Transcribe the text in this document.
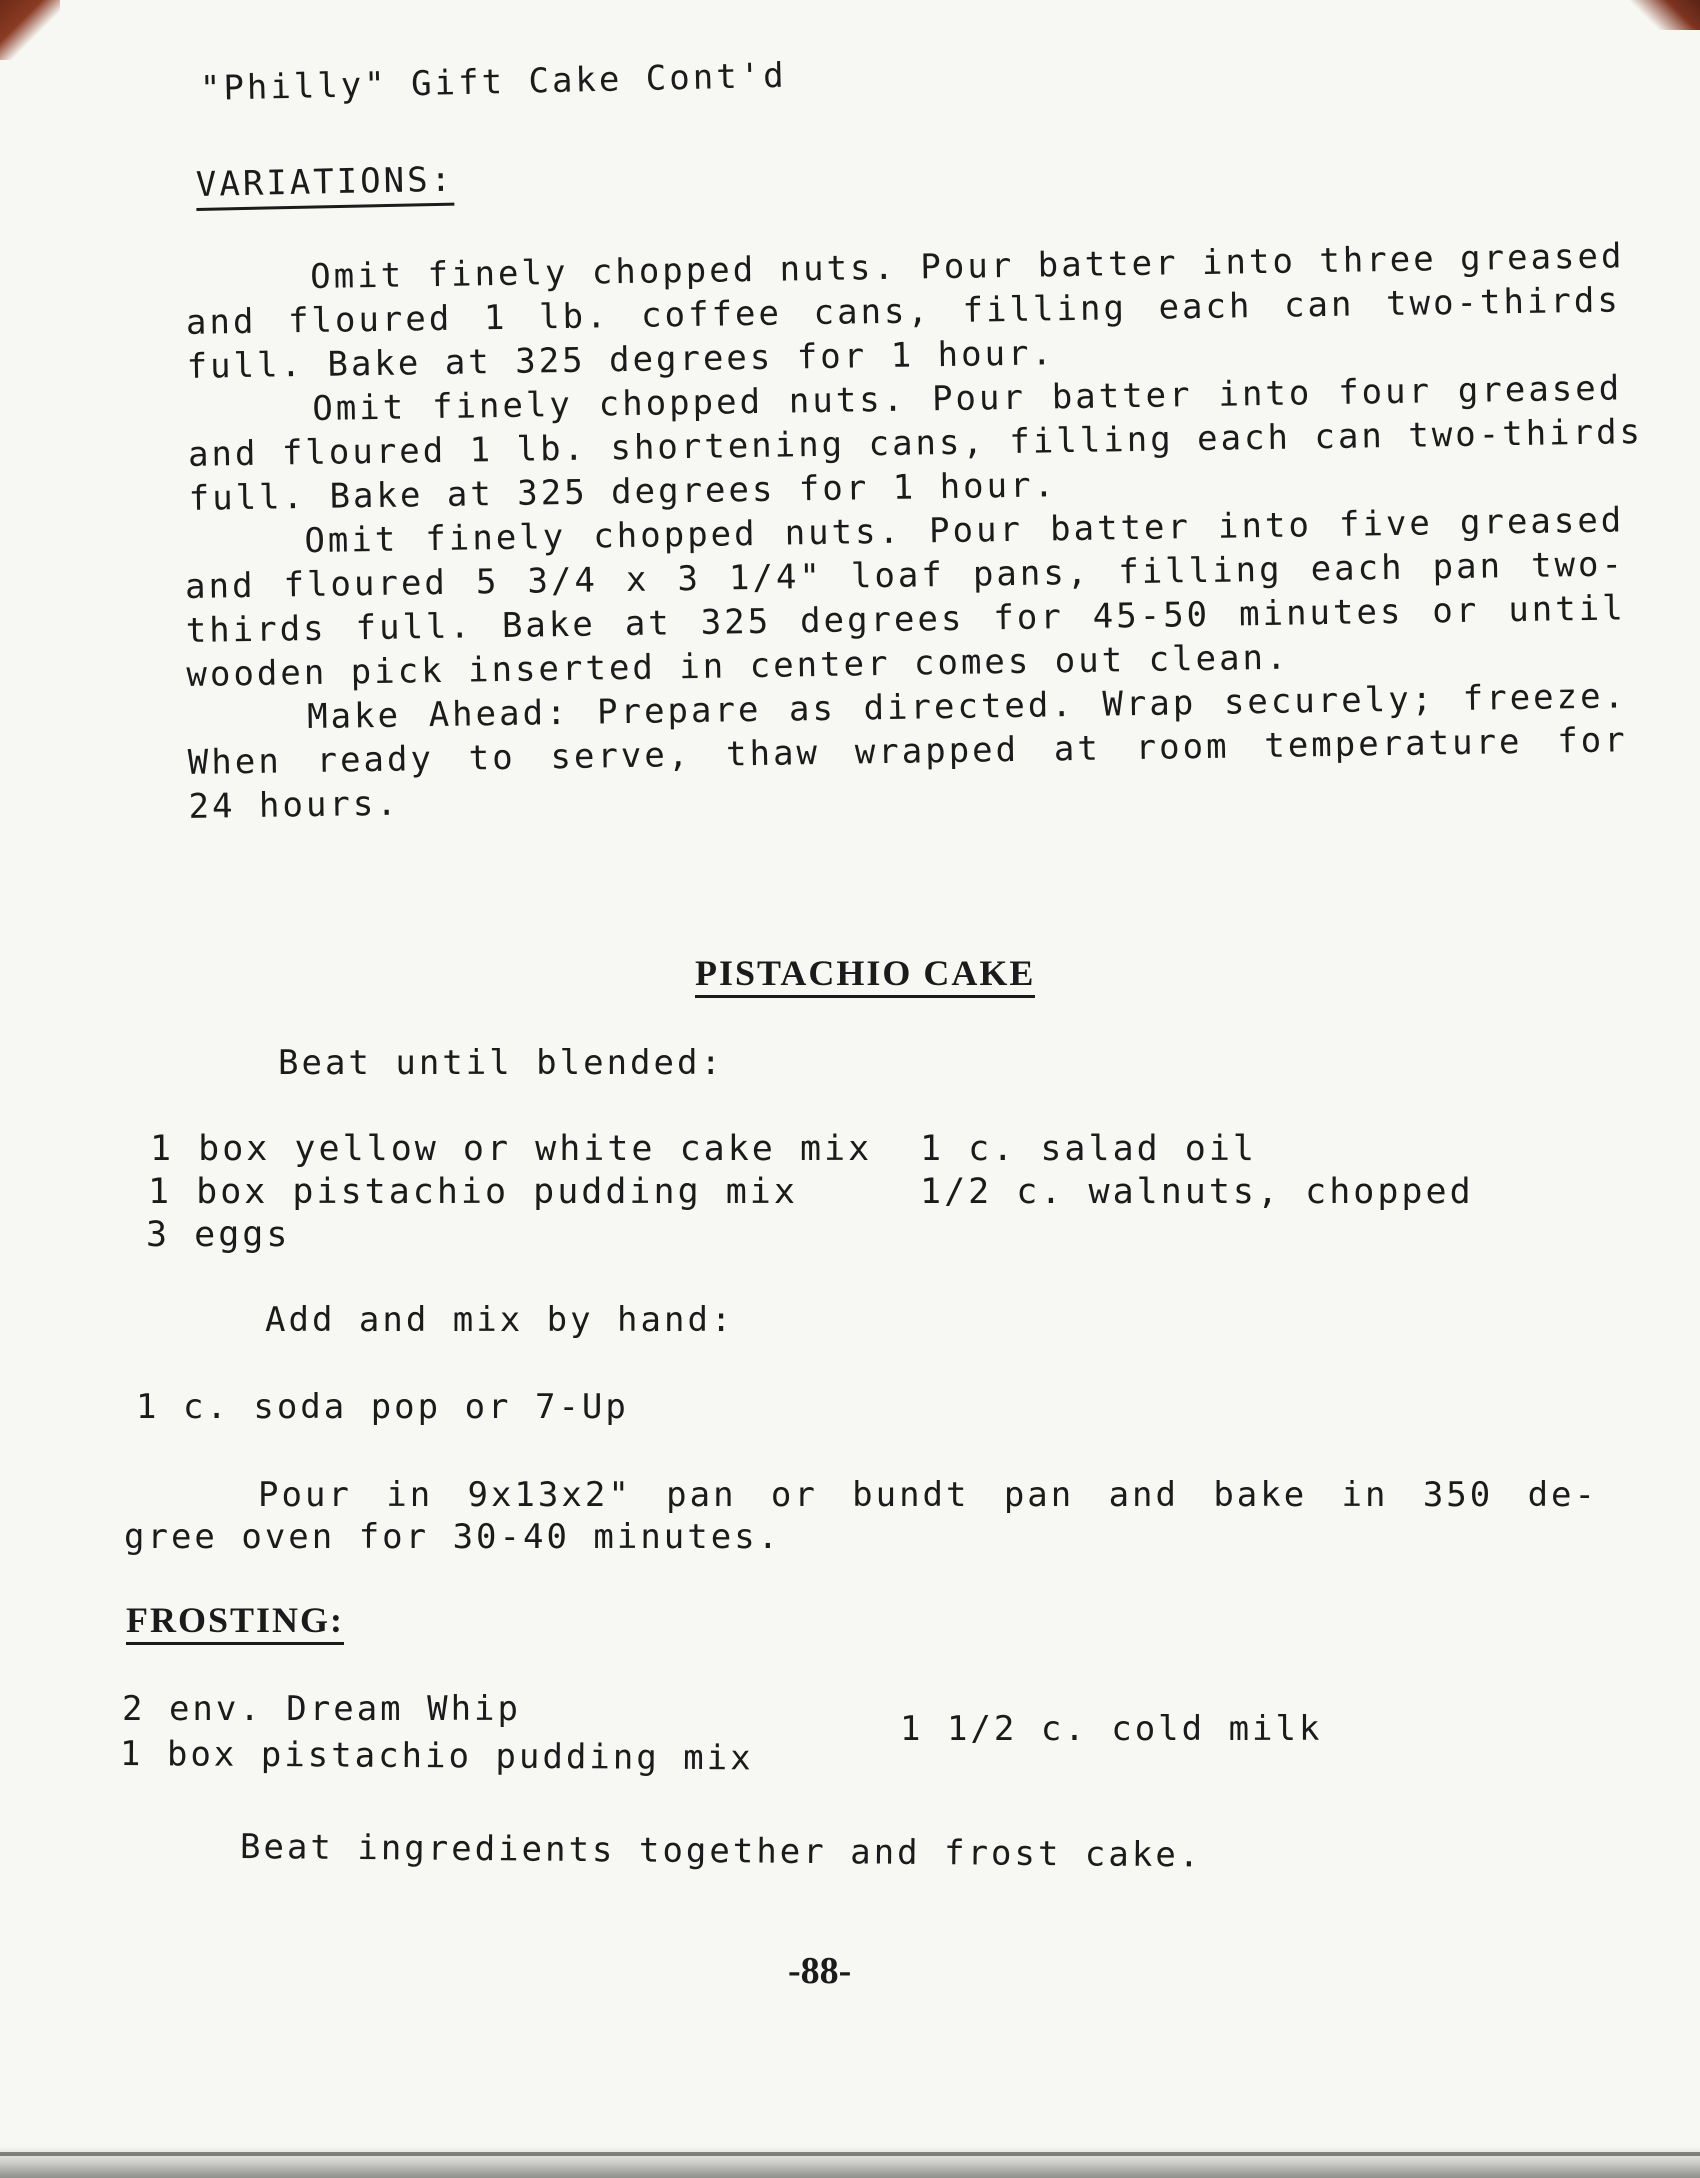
"Philly" Gift Cake Cont'd
VARIATIONS:
Omit finely chopped nuts. Pour batter into three greased
and floured 1 lb. coffee cans, filling each can two-thirds
full. Bake at 325 degrees for 1 hour.
Omit finely chopped nuts. Pour batter into four greased
and floured 1 lb. shortening cans, filling each can two-thirds
full. Bake at 325 degrees for 1 hour.
Omit finely chopped nuts. Pour batter into five greased
and floured 5 3/4 x 3 1/4" loaf pans, filling each pan two-
thirds full. Bake at 325 degrees for 45-50 minutes or until
wooden pick inserted in center comes out clean.
Make Ahead: Prepare as directed. Wrap securely; freeze.
When ready to serve, thaw wrapped at room temperature for
24 hours.
PISTACHIO CAKE
Beat until blended:
1 box yellow or white cake mix
1 box pistachio pudding mix
3 eggs
1 c. salad oil
1/2 c. walnuts, chopped
Add and mix by hand:
1 c. soda pop or 7-Up
Pour in 9x13x2" pan or bundt pan and bake in 350 de-
gree oven for 30-40 minutes.
FROSTING:
2 env. Dream Whip
1 box pistachio pudding mix
1 1/2 c. cold milk
Beat ingredients together and frost cake.
-88-
